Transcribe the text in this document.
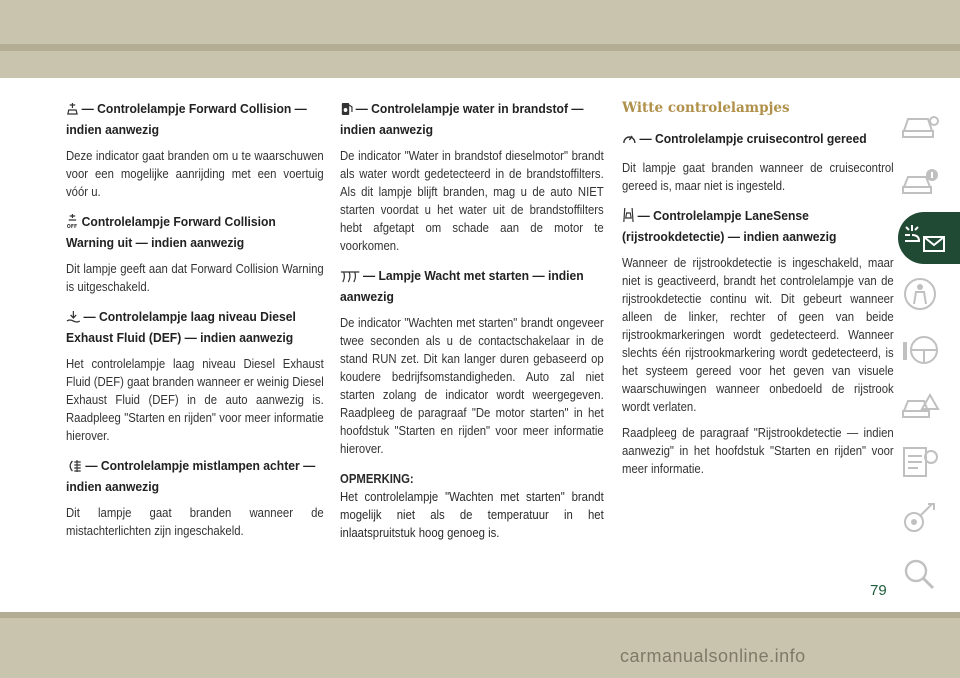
— Controlelampje Forward Collision — indien aanwezig
Deze indicator gaat branden om u te waarschuwen voor een mogelijke aanrijding met een voertuig vóór u.
OFF Controlelampje Forward Collision Warning uit — indien aanwezig
Dit lampje geeft aan dat Forward Collision Warning is uitgeschakeld.
— Controlelampje laag niveau Diesel Exhaust Fluid (DEF) — indien aanwezig
Het controlelampje laag niveau Diesel Exhaust Fluid (DEF) gaat branden wanneer er weinig Diesel Exhaust Fluid (DEF) in de auto aanwezig is. Raadpleeg "Starten en rijden" voor meer informatie hierover.
— Controlelampje mistlampen achter — indien aanwezig
Dit lampje gaat branden wanneer de mistachterlichten zijn ingeschakeld.
— Controlelampje water in brandstof — indien aanwezig
De indicator "Water in brandstof dieselmotor" brandt als water wordt gedetecteerd in de brandstoffilters. Als dit lampje blijft branden, mag u de auto NIET starten voordat u het water uit de brandstoffilters hebt afgetapt om schade aan de motor te voorkomen.
— Lampje Wacht met starten — indien aanwezig
De indicator "Wachten met starten" brandt ongeveer twee seconden als u de contactschakelaar in de stand RUN zet. Dit kan langer duren gebaseerd op koudere bedrijfsomstandigheden. Auto zal niet starten zolang de indicator wordt weergegeven. Raadpleeg de paragraaf "De motor starten" in het hoofdstuk "Starten en rijden" voor meer informatie hierover.
OPMERKING:
Het controlelampje "Wachten met starten" brandt mogelijk niet als de temperatuur in het inlaatspruitstuk hoog genoeg is.
Witte controlelampjes
— Controlelampje cruisecontrol gereed
Dit lampje gaat branden wanneer de cruisecontrol gereed is, maar niet is ingesteld.
— Controlelampje LaneSense (rijstrookdetectie) — indien aanwezig
Wanneer de rijstrookdetectie is ingeschakeld, maar niet is geactiveerd, brandt het controlelampje van de rijstrookdetectie continu wit. Dit gebeurt wanneer alleen de linker, rechter of geen van beide rijstrookmarkeringen wordt gedetecteerd. Wanneer slechts één rijstrookmarkering wordt gedetecteerd, is het systeem gereed voor het geven van visuele waarschuwingen wanneer onbedoeld de rijstrook wordt verlaten.
Raadpleeg de paragraaf "Rijstrookdetectie — indien aanwezig" in het hoofdstuk "Starten en rijden" voor meer informatie.
79
carmanualsonline.info
